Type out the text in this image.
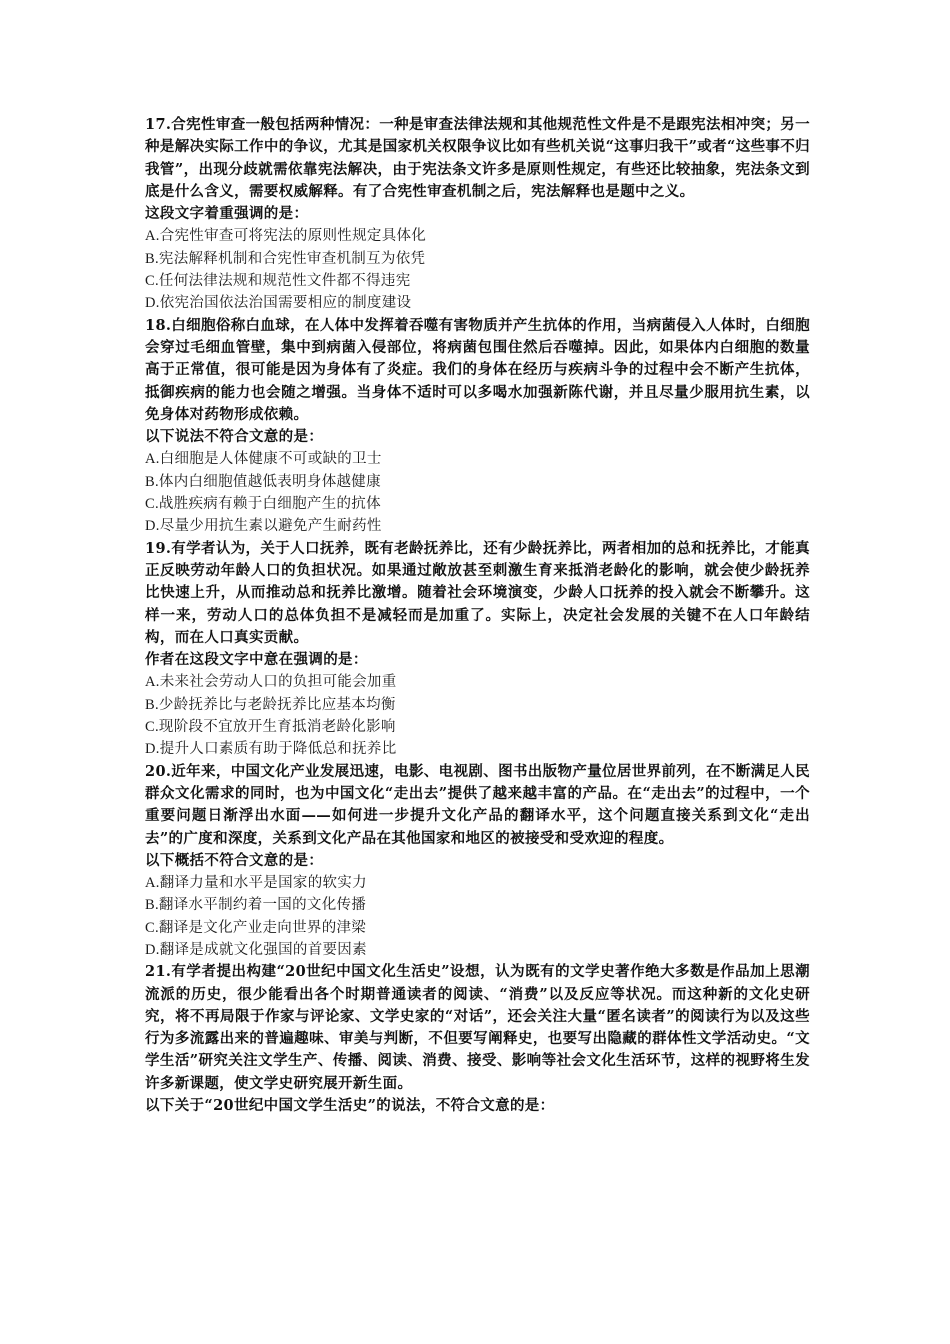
17.合宪性审查一般包括两种情况：一种是审查法律法规和其他规范性文件是不是跟宪法相冲突；另一种是解决实际工作中的争议，尤其是国家机关权限争议比如有些机关说“这事归我干”或者“这些事不归我管”，出现分歧就需依靠宪法解决，由于宪法条文许多是原则性规定，有些还比较抽象，宪法条文到底是什么含义，需要权威解释。有了合宪性审查机制之后，宪法解释也是题中之义。

这段文字着重强调的是：

A.合宪性审查可将宪法的原则性规定具体化

B.宪法解释机制和合宪性审查机制互为依凭

C.任何法律法规和规范性文件都不得违宪

D.依宪治国依法治国需要相应的制度建设

18.白细胞俗称白血球，在人体中发挥着吞噬有害物质并产生抗体的作用，当病菌侵入人体时，白细胞会穿过毛细血管壁，集中到病菌入侵部位，将病菌包围住然后吞噬掉。因此，如果体内白细胞的数量高于正常值，很可能是因为身体有了炎症。我们的身体在经历与疾病斗争的过程中会不断产生抗体，抵御疾病的能力也会随之增强。当身体不适时可以多喝水加强新陈代谢，并且尽量少服用抗生素，以免身体对药物形成依赖。

以下说法不符合文意的是：

A.白细胞是人体健康不可或缺的卫士

B.体内白细胞值越低表明身体越健康

C.战胜疾病有赖于白细胞产生的抗体

D.尽量少用抗生素以避免产生耐药性

19.有学者认为，关于人口抚养，既有老龄抚养比，还有少龄抚养比，两者相加的总和抚养比，才能真正反映劳动年龄人口的负担状况。如果通过敞放甚至刺激生育来抵消老龄化的影响，就会使少龄抚养比快速上升，从而推动总和抚养比激增。随着社会环境演变，少龄人口抚养的投入就会不断攀升。这样一来，劳动人口的总体负担不是减轻而是加重了。实际上，决定社会发展的关键不在人口年龄结构，而在人口真实贡献。

作者在这段文字中意在强调的是：

A.未来社会劳动人口的负担可能会加重

B.少龄抚养比与老龄抚养比应基本均衡

C.现阶段不宜放开生育抵消老龄化影响

D.提升人口素质有助于降低总和抚养比

20.近年来，中国文化产业发展迅速，电影、电视剧、图书出版物产量位居世界前列，在不断满足人民群众文化需求的同时，也为中国文化“走出去”提供了越来越丰富的产品。在“走出去”的过程中，一个重要问题日渐浮出水面——如何进一步提升文化产品的翻译水平，这个问题直接关系到文化“走出去”的广度和深度，关系到文化产品在其他国家和地区的被接受和受欢迎的程度。

以下概括不符合文意的是：

A.翻译力量和水平是国家的软实力

B.翻译水平制约着一国的文化传播

C.翻译是文化产业走向世界的津梁

D.翻译是成就文化强国的首要因素

21.有学者提出构建“20世纪中国文化生活史”设想，认为既有的文学史著作绝大多数是作品加上思潮流派的历史，很少能看出各个时期普通读者的阅读、“消费”以及反应等状况。而这种新的文化史研究，将不再局限于作家与评论家、文学史家的“对话”，还会关注大量“匿名读者”的阅读行为以及这些行为多流露出来的普遍趣味、审美与判断，不但要写阐释史，也要写出隐藏的群体性文学活动史。“文学生活”研究关注文学生产、传播、阅读、消费、接受、影响等社会文化生活环节，这样的视野将生发许多新课题，使文学史研究展开新生面。

以下关于“20世纪中国文学生活史”的说法，不符合文意的是：
